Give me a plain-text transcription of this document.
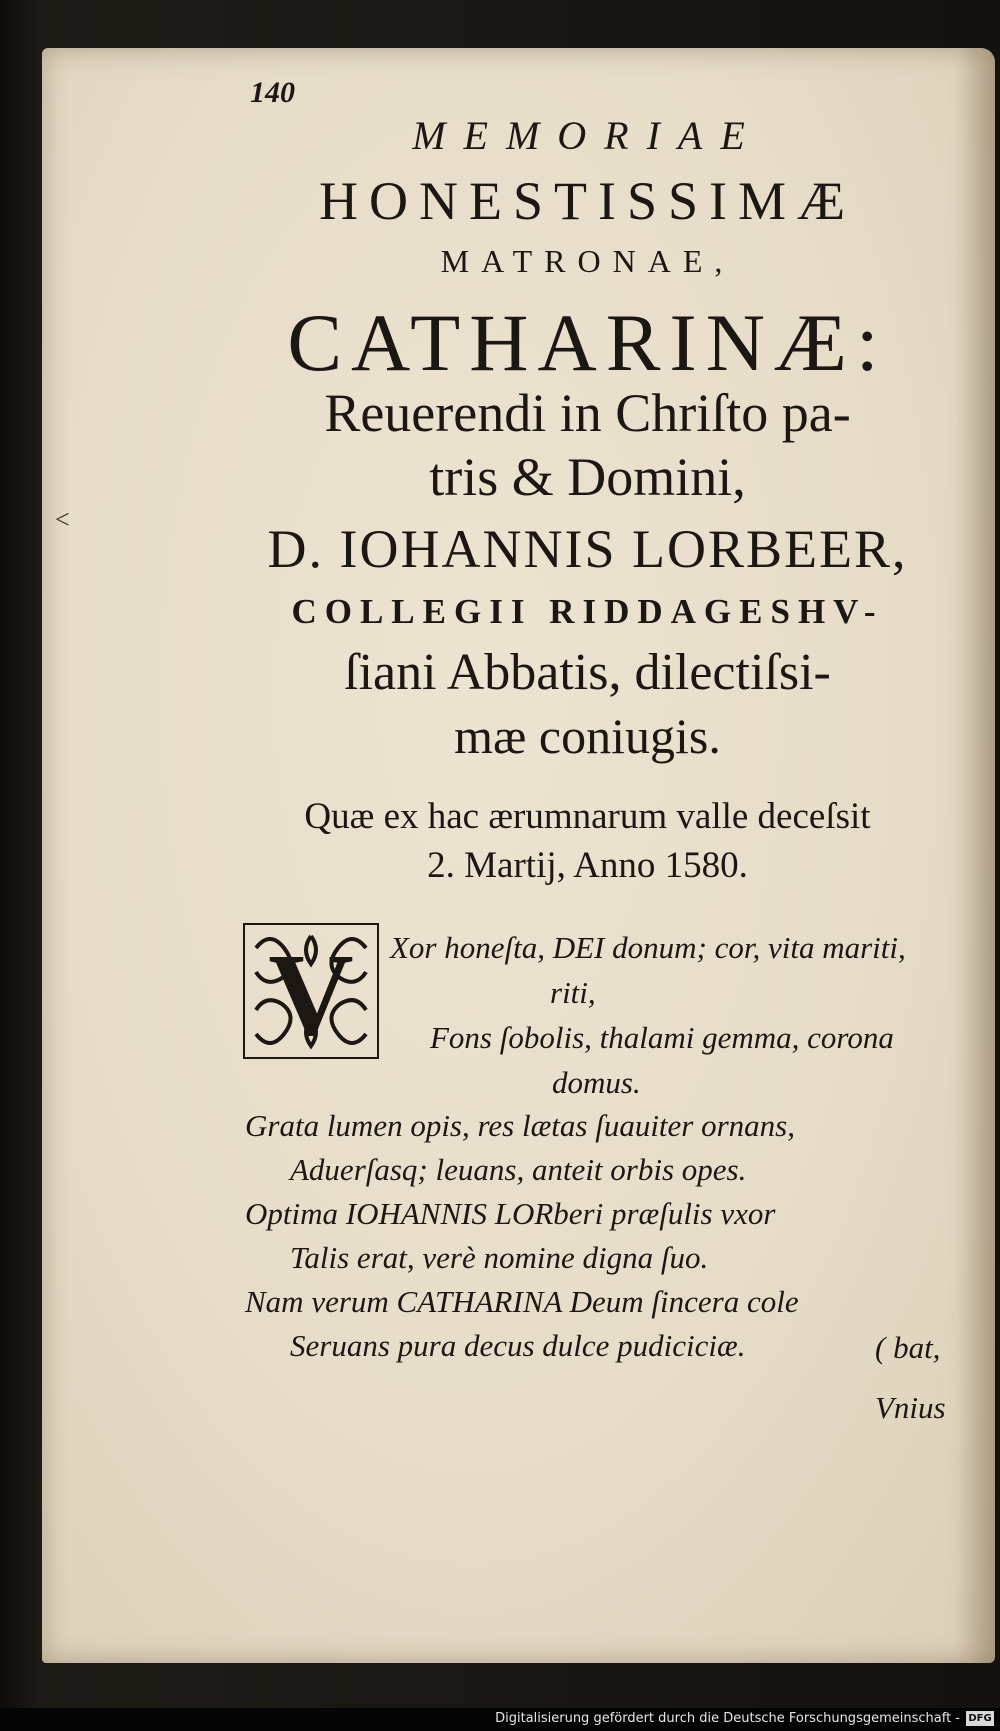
<
140
MEMORIAE
HONESTISSIMÆ
MATRONAE,
CATHARINÆ:
Reuerendi in Chriſto pa-
tris & Domini,
D. IOHANNIS LORBEER,
COLLEGII RIDDAGESHV-
ſiani Abbatis, dilectiſsi-
mæ coniugis.
Quæ ex hac ærumnarum valle deceſsit
2. Martij, Anno 1580.
V Xor honeſta, DEI donum; cor, vita mariti,
riti,
Fons ſobolis, thalami gemma, corona
domus.
Grata lumen opis, res lætas ſuauiter ornans,
Aduerſasq; leuans, anteit orbis opes.
Optima IOHANNIS LORberi præſulis vxor
Talis erat, verè nomine digna ſuo.
Nam verum CATHARINA Deum ſincera cole
Seruans pura decus dulce pudiciciæ.	( bat,
Vnius
Digitalisierung gefördert durch die Deutsche Forschungsgemeinschaft - DFG
